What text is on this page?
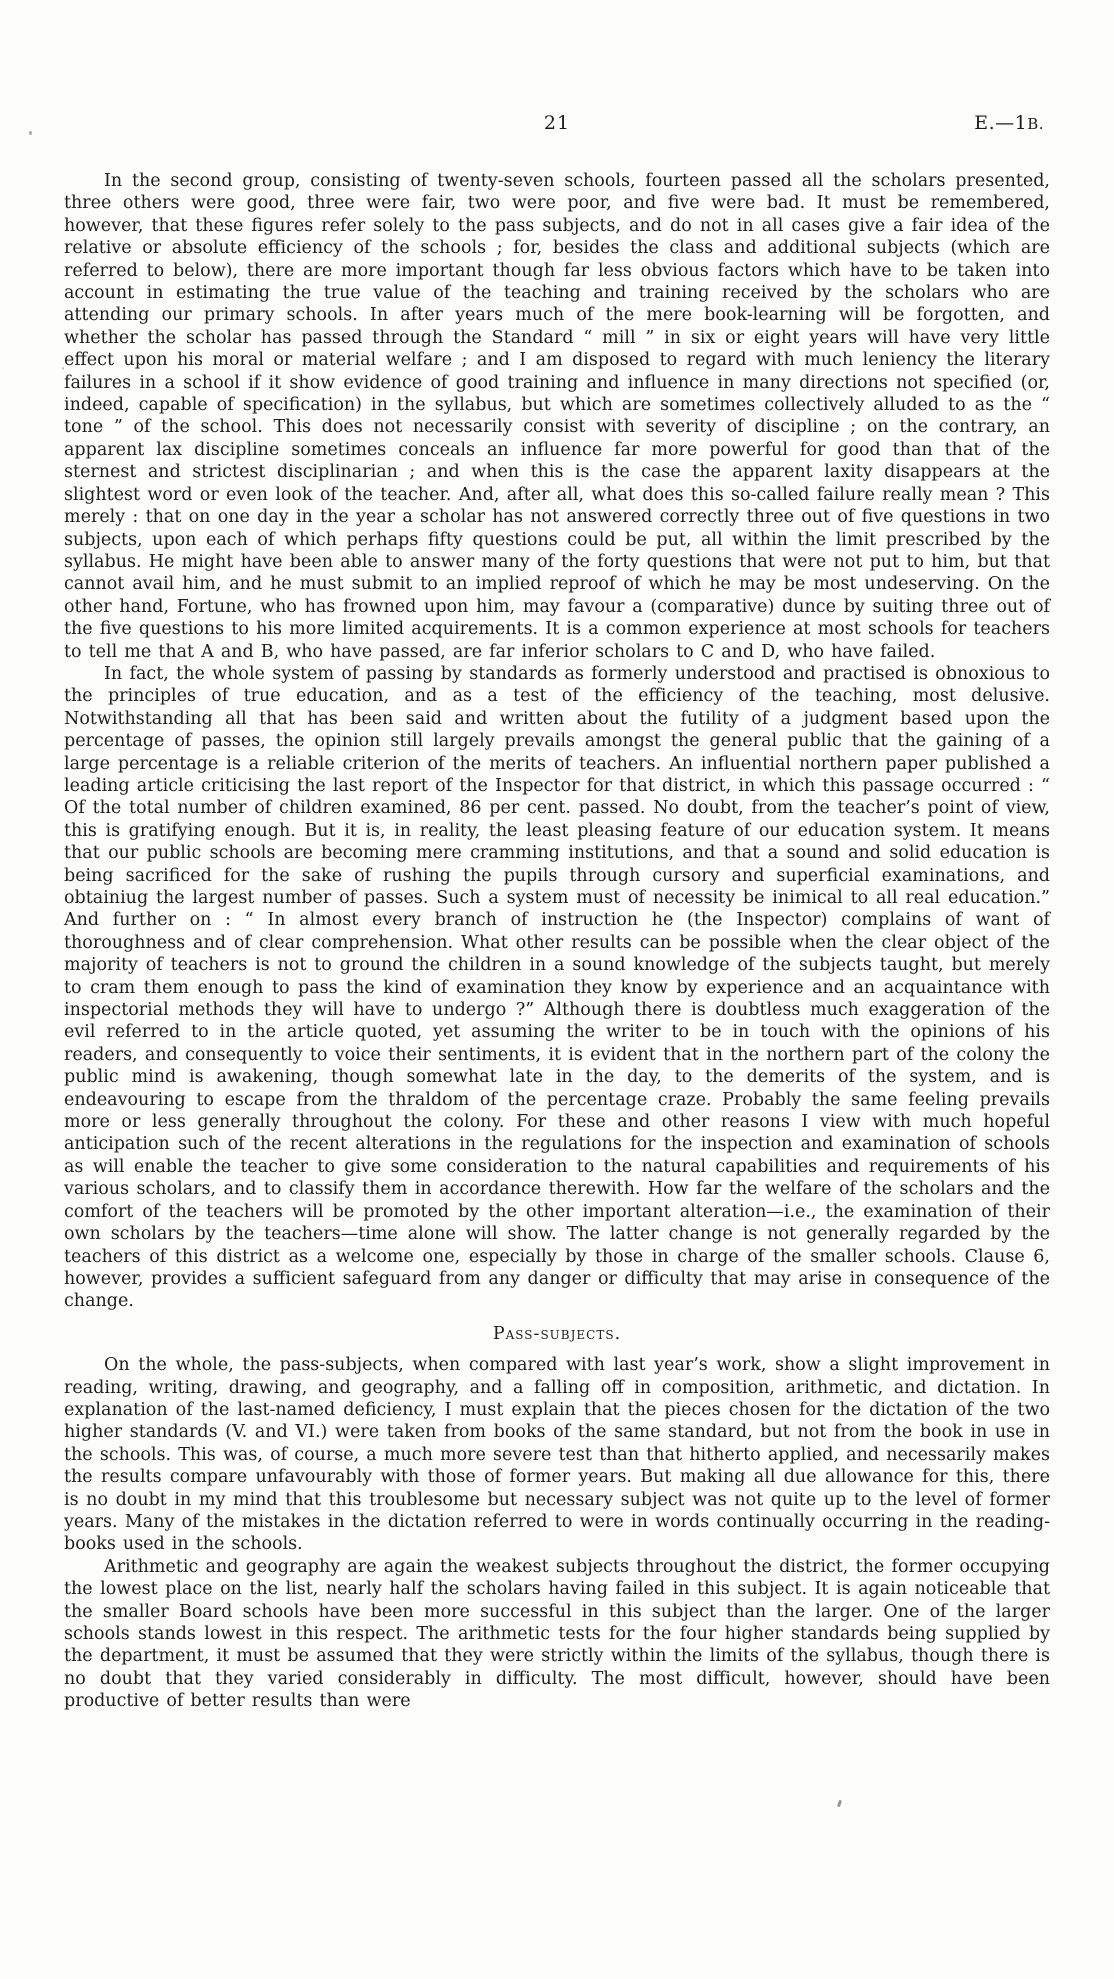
21	E.—1B.

In the second group, consisting of twenty-seven schools, fourteen passed all the scholars presented, three others were good, three were fair, two were poor, and five were bad. It must be remembered, however, that these figures refer solely to the pass subjects, and do not in all cases give a fair idea of the relative or absolute efficiency of the schools ; for, besides the class and additional subjects (which are referred to below), there are more important though far less obvious factors which have to be taken into account in estimating the true value of the teaching and training received by the scholars who are attending our primary schools. In after years much of the mere book-learning will be forgotten, and whether the scholar has passed through the Standard “ mill ” in six or eight years will have very little effect upon his moral or material welfare ; and I am disposed to regard with much leniency the literary failures in a school if it show evidence of good training and influence in many directions not specified (or, indeed, capable of specification) in the syllabus, but which are sometimes collectively alluded to as the “ tone ” of the school. This does not necessarily consist with severity of discipline ; on the contrary, an apparent lax discipline sometimes conceals an influence far more powerful for good than that of the sternest and strictest disciplinarian ; and when this is the case the apparent laxity disappears at the slightest word or even look of the teacher. And, after all, what does this so-called failure really mean ? This merely : that on one day in the year a scholar has not answered correctly three out of five questions in two subjects, upon each of which perhaps fifty questions could be put, all within the limit prescribed by the syllabus. He might have been able to answer many of the forty questions that were not put to him, but that cannot avail him, and he must submit to an implied reproof of which he may be most undeserving. On the other hand, Fortune, who has frowned upon him, may favour a (comparative) dunce by suiting three out of the five questions to his more limited acquirements. It is a common experience at most schools for teachers to tell me that A and B, who have passed, are far inferior scholars to C and D, who have failed.

In fact, the whole system of passing by standards as formerly understood and practised is obnoxious to the principles of true education, and as a test of the efficiency of the teaching, most delusive. Notwithstanding all that has been said and written about the futility of a judgment based upon the percentage of passes, the opinion still largely prevails amongst the general public that the gaining of a large percentage is a reliable criterion of the merits of teachers. An influential northern paper published a leading article criticising the last report of the Inspector for that district, in which this passage occurred : “ Of the total number of children examined, 86 per cent. passed. No doubt, from the teacher’s point of view, this is gratifying enough. But it is, in reality, the least pleasing feature of our education system. It means that our public schools are becoming mere cramming institutions, and that a sound and solid education is being sacrificed for the sake of rushing the pupils through cursory and superficial examinations, and obtainiug the largest number of passes. Such a system must of necessity be inimical to all real education.” And further on : “ In almost every branch of instruction he (the Inspector) complains of want of thoroughness and of clear comprehension. What other results can be possible when the clear object of the majority of teachers is not to ground the children in a sound knowledge of the subjects taught, but merely to cram them enough to pass the kind of examination they know by experience and an acquaintance with inspectorial methods they will have to undergo ?” Although there is doubtless much exaggeration of the evil referred to in the article quoted, yet assuming the writer to be in touch with the opinions of his readers, and consequently to voice their sentiments, it is evident that in the northern part of the colony the public mind is awakening, though somewhat late in the day, to the demerits of the system, and is endeavouring to escape from the thraldom of the percentage craze. Probably the same feeling prevails more or less generally throughout the colony. For these and other reasons I view with much hopeful anticipation such of the recent alterations in the regulations for the inspection and examination of schools as will enable the teacher to give some consideration to the natural capabilities and requirements of his various scholars, and to classify them in accordance therewith. How far the welfare of the scholars and the comfort of the teachers will be promoted by the other important alteration—i.e., the examination of their own scholars by the teachers—time alone will show. The latter change is not generally regarded by the teachers of this district as a welcome one, especially by those in charge of the smaller schools. Clause 6, however, provides a sufficient safeguard from any danger or difficulty that may arise in consequence of the change.

Pass-subjects.

On the whole, the pass-subjects, when compared with last year’s work, show a slight improvement in reading, writing, drawing, and geography, and a falling off in composition, arithmetic, and dictation. In explanation of the last-named deficiency, I must explain that the pieces chosen for the dictation of the two higher standards (V. and VI.) were taken from books of the same standard, but not from the book in use in the schools. This was, of course, a much more severe test than that hitherto applied, and necessarily makes the results compare unfavourably with those of former years. But making all due allowance for this, there is no doubt in my mind that this troublesome but necessary subject was not quite up to the level of former years. Many of the mistakes in the dictation referred to were in words continually occurring in the reading-books used in the schools.

Arithmetic and geography are again the weakest subjects throughout the district, the former occupying the lowest place on the list, nearly half the scholars having failed in this subject. It is again noticeable that the smaller Board schools have been more successful in this subject than the larger. One of the larger schools stands lowest in this respect. The arithmetic tests for the four higher standards being supplied by the department, it must be assumed that they were strictly within the limits of the syllabus, though there is no doubt that they varied considerably in difficulty. The most difficult, however, should have been productive of better results than were
